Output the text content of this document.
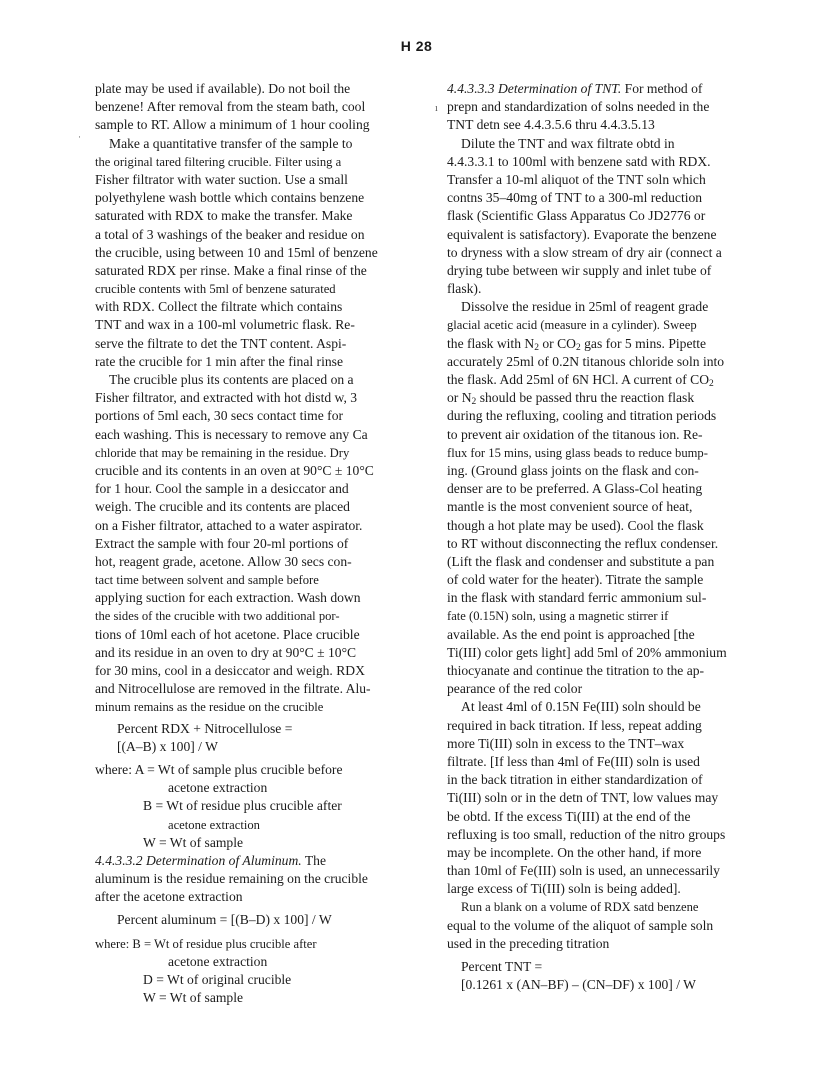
H 28
·
ı
plate may be used if available). Do not boil the
benzene! After removal from the steam bath, cool
sample to RT. Allow a minimum of 1 hour cooling
Make a quantitative transfer of the sample to
the original tared filtering crucible. Filter using a
Fisher filtrator with water suction. Use a small
polyethylene wash bottle which contains benzene
saturated with RDX to make the transfer. Make
a total of 3 washings of the beaker and residue on
the crucible, using between 10 and 15ml of benzene
saturated RDX per rinse. Make a final rinse of the
crucible contents with 5ml of benzene saturated
with RDX. Collect the filtrate which contains
TNT and wax in a 100-ml volumetric flask. Re-
serve the filtrate to det the TNT content. Aspi-
rate the crucible for 1 min after the final rinse
The crucible plus its contents are placed on a
Fisher filtrator, and extracted with hot distd w, 3
portions of 5ml each, 30 secs contact time for
each washing. This is necessary to remove any Ca
chloride that may be remaining in the residue. Dry
crucible and its contents in an oven at 90°C ± 10°C
for 1 hour. Cool the sample in a desiccator and
weigh. The crucible and its contents are placed
on a Fisher filtrator, attached to a water aspirator.
Extract the sample with four 20-ml portions of
hot, reagent grade, acetone. Allow 30 secs con-
tact time between solvent and sample before
applying suction for each extraction. Wash down
the sides of the crucible with two additional por-
tions of 10ml each of hot acetone. Place crucible
and its residue in an oven to dry at 90°C ± 10°C
for 30 mins, cool in a desiccator and weigh. RDX
and Nitrocellulose are removed in the filtrate. Alu-
minum remains as the residue on the crucible
Percent RDX + Nitrocellulose =
[(A–B) x 100] / W
where: A = Wt of sample plus crucible before
acetone extraction
B = Wt of residue plus crucible after
acetone extraction
W = Wt of sample
4.4.3.3.2 Determination of Aluminum. The
aluminum is the residue remaining on the crucible
after the acetone extraction
Percent aluminum = [(B–D) x 100] / W
where: B = Wt of residue plus crucible after
acetone extraction
D = Wt of original crucible
W = Wt of sample
4.4.3.3.3 Determination of TNT. For method of
prepn and standardization of solns needed in the
TNT detn see 4.4.3.5.6 thru 4.4.3.5.13
Dilute the TNT and wax filtrate obtd in
4.4.3.3.1 to 100ml with benzene satd with RDX.
Transfer a 10-ml aliquot of the TNT soln which
contns 35–40mg of TNT to a 300-ml reduction
flask (Scientific Glass Apparatus Co JD2776 or
equivalent is satisfactory). Evaporate the benzene
to dryness with a slow stream of dry air (connect a
drying tube between wir supply and inlet tube of
flask).
Dissolve the residue in 25ml of reagent grade
glacial acetic acid (measure in a cylinder). Sweep
the flask with $N_2$ or $CO_2$ gas for 5 mins. Pipette
accurately 25ml of 0.2N titanous chloride soln into
the flask. Add 25ml of 6N HCl. A current of $CO_2$
or $N_2$ should be passed thru the reaction flask
during the refluxing, cooling and titration periods
to prevent air oxidation of the titanous ion. Re-
flux for 15 mins, using glass beads to reduce bump-
ing. (Ground glass joints on the flask and con-
denser are to be preferred. A Glass-Col heating
mantle is the most convenient source of heat,
though a hot plate may be used). Cool the flask
to RT without disconnecting the reflux condenser.
(Lift the flask and condenser and substitute a pan
of cold water for the heater). Titrate the sample
in the flask with standard ferric ammonium sul-
fate (0.15N) soln, using a magnetic stirrer if
available. As the end point is approached [the
Ti(III) color gets light] add 5ml of 20% ammonium
thiocyanate and continue the titration to the ap-
pearance of the red color
At least 4ml of 0.15N Fe(III) soln should be
required in back titration. If less, repeat adding
more Ti(III) soln in excess to the TNT–wax
filtrate. [If less than 4ml of Fe(III) soln is used
in the back titration in either standardization of
Ti(III) soln or in the detn of TNT, low values may
be obtd. If the excess Ti(III) at the end of the
refluxing is too small, reduction of the nitro groups
may be incomplete. On the other hand, if more
than 10ml of Fe(III) soln is used, an unnecessarily
large excess of Ti(III) soln is being added].
Run a blank on a volume of RDX satd benzene
equal to the volume of the aliquot of sample soln
used in the preceding titration
Percent TNT =
[0.1261 x (AN–BF) – (CN–DF) x 100] / W
